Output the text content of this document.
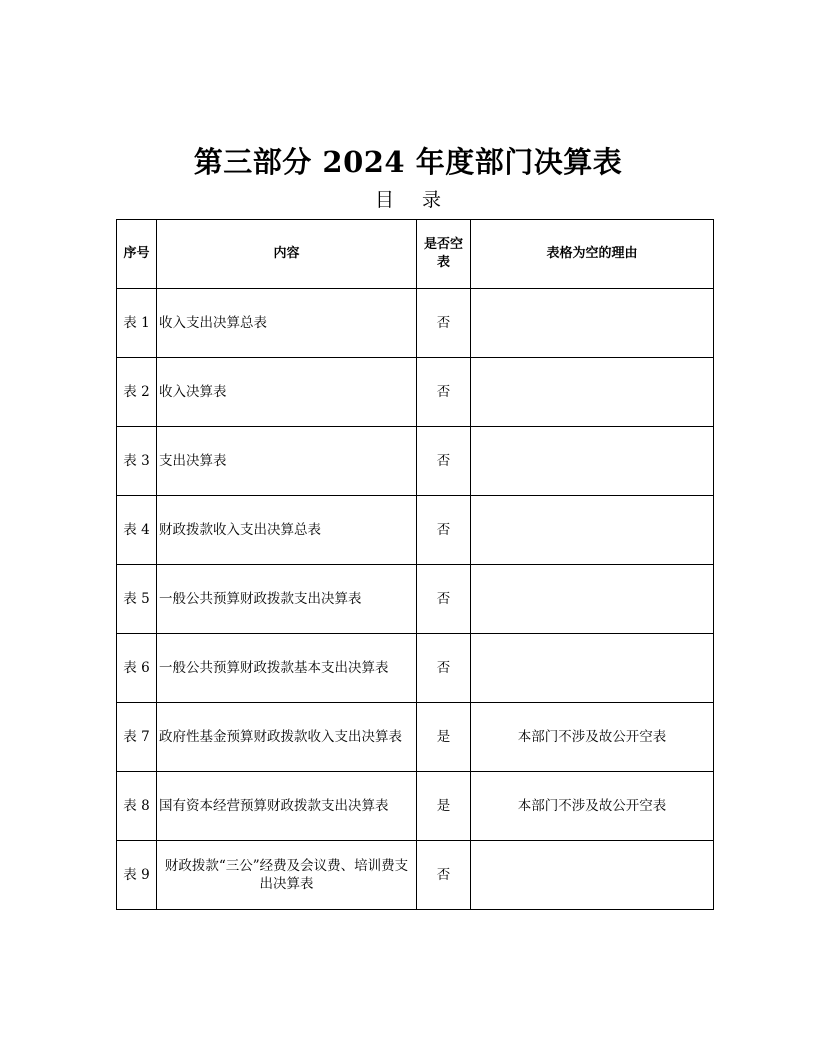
第三部分 2024 年度部门决算表
目录
序号	内容	是否空表	表格为空的理由
表 1	收入支出决算总表	否	
表 2	收入决算表	否	
表 3	支出决算表	否	
表 4	财政拨款收入支出决算总表	否	
表 5	一般公共预算财政拨款支出决算表	否	
表 6	一般公共预算财政拨款基本支出决算表	否	
表 7	政府性基金预算财政拨款收入支出决算表	是	本部门不涉及故公开空表
表 8	国有资本经营预算财政拨款支出决算表	是	本部门不涉及故公开空表
表 9	财政拨款“三公”经费及会议费、培训费支出决算表	否	
